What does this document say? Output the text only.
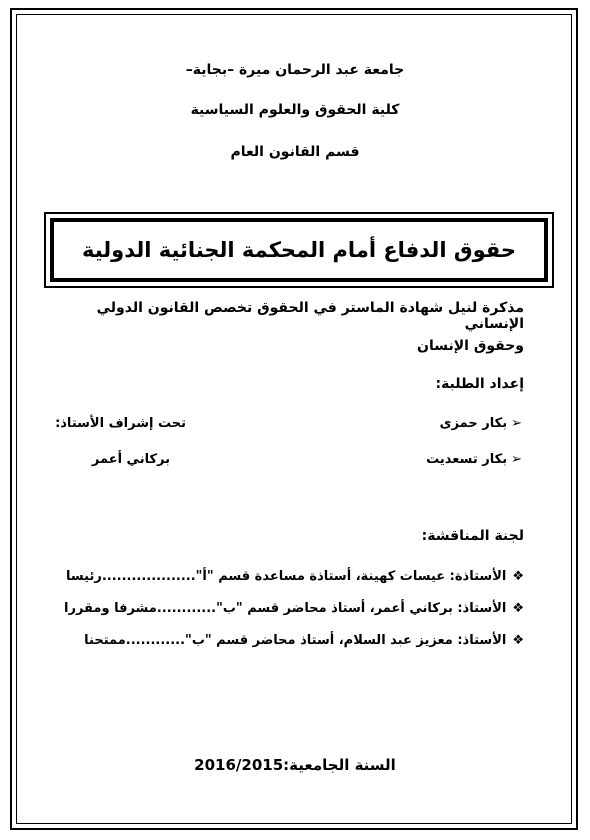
جامعة عبد الرحمان ميرة –بجاية–
كلية الحقوق والعلوم السياسية
قسم القانون العام
حقوق الدفاع أمام المحكمة الجنائية الدولية
مذكرة لنيل شهادة الماستر في الحقوق تخصص القانون الدولي الإنساني
وحقوق الإنسان
إعداد الطلبة:
➢بكار حمزى
➢بكار تسعديت
تحت إشراف الأستاذ:
بركاني أعمر
لجنة المناقشة:
❖الأستاذة: عيسات كهينة، أستاذة مساعدة قسم "أ"...................رئيسا
❖الأستاذ: بركاني أعمر، أستاذ محاضر قسم "ب"............مشرفا ومقررا
❖الأستاذ: معزيز عبد السلام، أستاذ محاضر قسم "ب"............ممتحنا
السنة الجامعية:2016/2015
